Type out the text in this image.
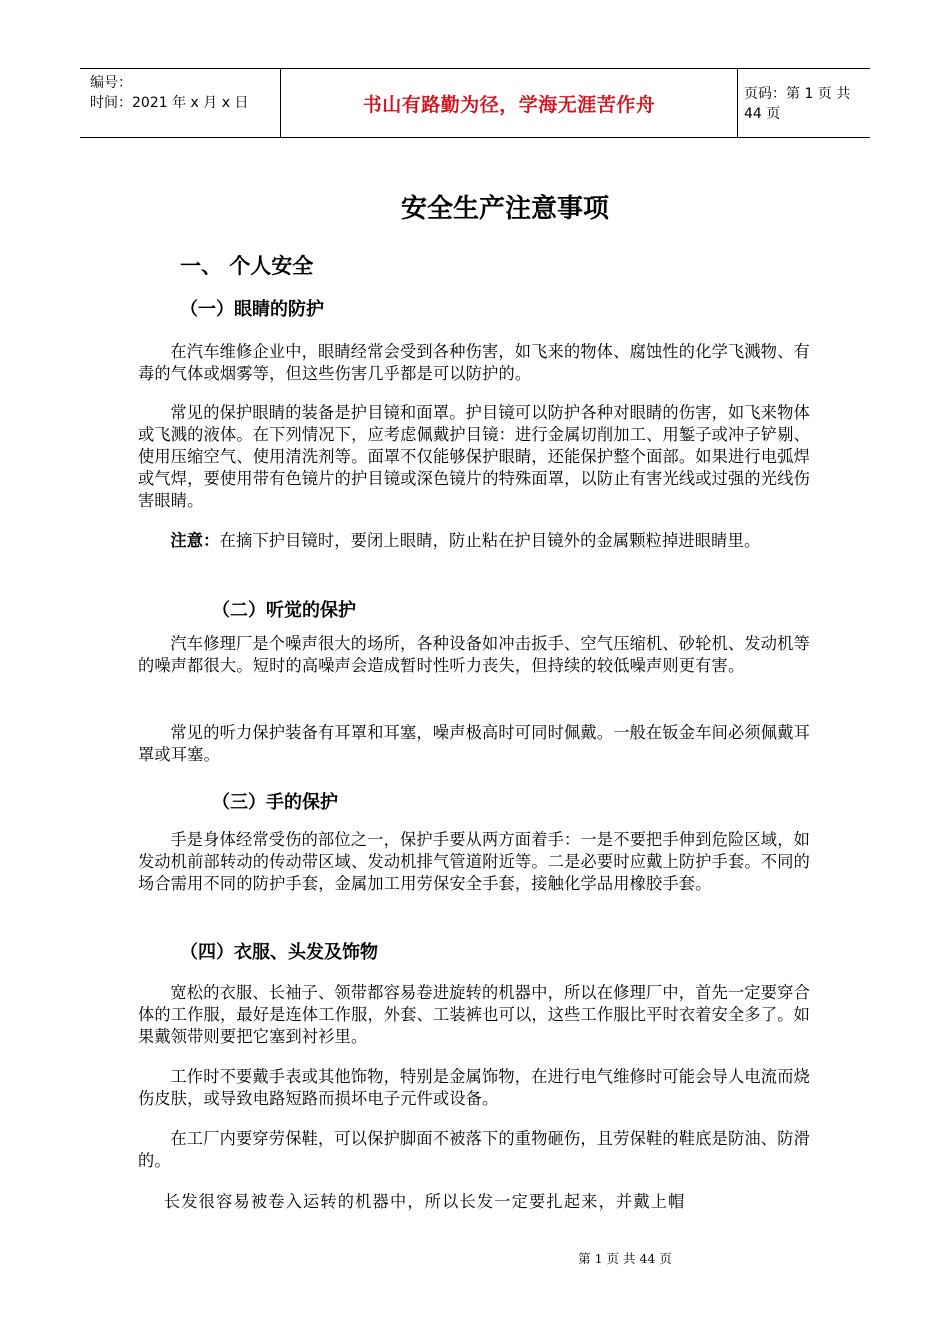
编号：
时间：2021 年 x 月 x 日	书山有路勤为径，学海无涯苦作舟	页码：第 1 页 共 44 页
安全生产注意事项
一、 个人安全
（一）眼睛的防护
在汽车维修企业中，眼睛经常会受到各种伤害，如飞来的物体、腐蚀性的化学飞溅物、有毒的气体或烟雾等，但这些伤害几乎都是可以防护的。
常见的保护眼睛的装备是护目镜和面罩。护目镜可以防护各种对眼睛的伤害，如飞来物体或飞溅的液体。在下列情况下，应考虑佩戴护目镜：进行金属切削加工、用錾子或冲子铲剔、使用压缩空气、使用清洗剂等。面罩不仅能够保护眼睛，还能保护整个面部。如果进行电弧焊或气焊，要使用带有色镜片的护目镜或深色镜片的特殊面罩，以防止有害光线或过强的光线伤害眼睛。
注意：在摘下护目镜时，要闭上眼睛，防止粘在护目镜外的金属颗粒掉进眼睛里。
（二）听觉的保护
汽车修理厂是个噪声很大的场所，各种设备如冲击扳手、空气压缩机、砂轮机、发动机等的噪声都很大。短时的高噪声会造成暂时性听力丧失，但持续的较低噪声则更有害。
常见的听力保护装备有耳罩和耳塞，噪声极高时可同时佩戴。一般在钣金车间必须佩戴耳罩或耳塞。
（三）手的保护
手是身体经常受伤的部位之一，保护手要从两方面着手：一是不要把手伸到危险区域，如发动机前部转动的传动带区域、发动机排气管道附近等。二是必要时应戴上防护手套。不同的场合需用不同的防护手套，金属加工用劳保安全手套，接触化学品用橡胶手套。
（四）衣服、头发及饰物
宽松的衣服、长袖子、领带都容易卷进旋转的机器中，所以在修理厂中，首先一定要穿合体的工作服，最好是连体工作服，外套、工装裤也可以，这些工作服比平时衣着安全多了。如果戴领带则要把它塞到衬衫里。
工作时不要戴手表或其他饰物，特别是金属饰物，在进行电气维修时可能会导人电流而烧伤皮肤，或导致电路短路而损坏电子元件或设备。
在工厂内要穿劳保鞋，可以保护脚面不被落下的重物砸伤，且劳保鞋的鞋底是防油、防滑的。
长发很容易被卷入运转的机器中，所以长发一定要扎起来，并戴上帽
第 1 页 共 44 页
